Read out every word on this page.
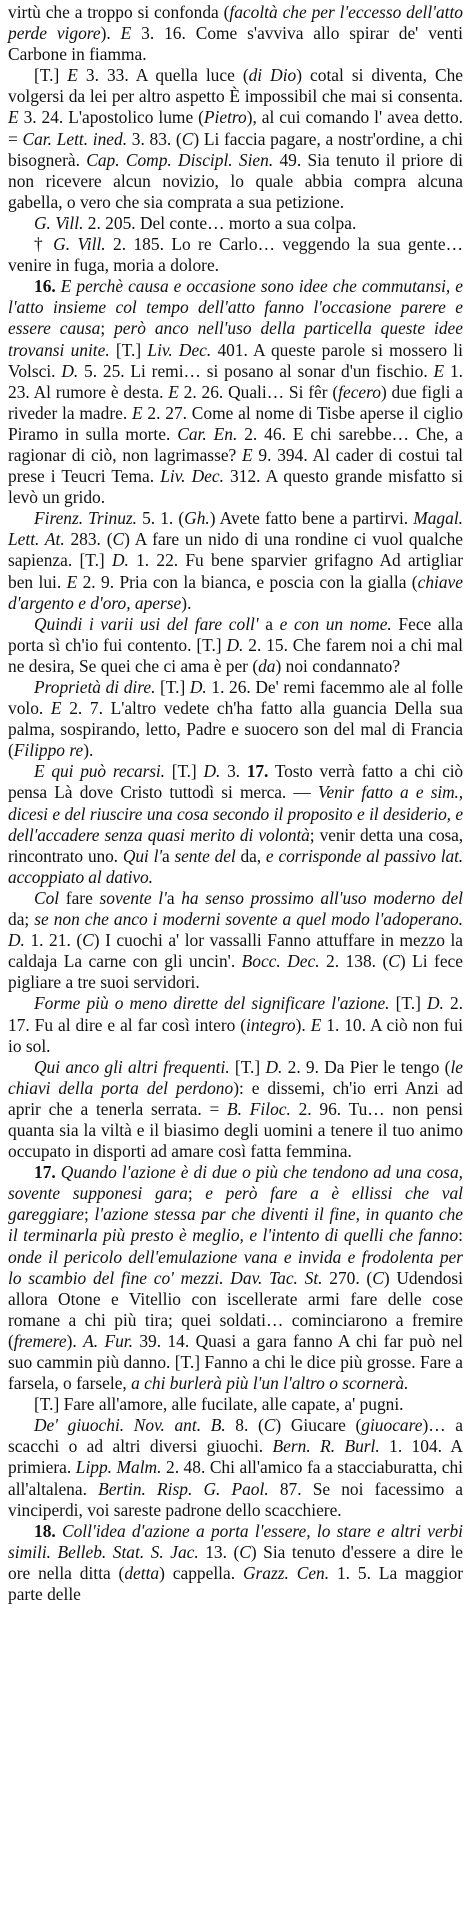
virtù che a troppo si confonda (facoltà che per l'eccesso dell'atto perde vigore). E 3. 16. Come s'avviva allo spirar de' venti Carbone in fiamma.

[T.] E 3. 33. A quella luce (di Dio) cotal si diventa, Che volgersi da lei per altro aspetto È impossibil che mai si consenta. E 3. 24. L'apostolico lume (Pietro), al cui comando l' avea detto. = Car. Lett. ined. 3. 83. (C) Li faccia pagare, a nostr'ordine, a chi bisognerà. Cap. Comp. Discipl. Sien. 49. Sia tenuto il priore di non ricevere alcun novizio, lo quale abbia compra alcuna gabella, o vero che sia comprata a sua petizione.

G. Vill. 2. 205. Del conte… morto a sua colpa.

† G. Vill. 2. 185. Lo re Carlo… veggendo la sua gente… venire in fuga, moria a dolore.

16. E perchè causa e occasione sono idee che commutansi, e l'atto insieme col tempo dell'atto fanno l'occasione parere e essere causa; però anco nell'uso della particella queste idee trovansi unite. [T.] Liv. Dec. 401. A queste parole si mossero li Volsci. D. 5. 25. Li remi… si posano al sonar d'un fischio. E 1. 23. Al rumore è desta. E 2. 26. Quali… Si fêr (fecero) due figli a riveder la madre. E 2. 27. Come al nome di Tisbe aperse il ciglio Piramo in sulla morte. Car. En. 2. 46. E chi sarebbe… Che, a ragionar di ciò, non lagrimasse? E 9. 394. Al cader di costui tal prese i Teucri Tema. Liv. Dec. 312. A questo grande misfatto si levò un grido.

Firenz. Trinuz. 5. 1. (Gh.) Avete fatto bene a partirvi. Magal. Lett. At. 283. (C) A fare un nido di una rondine ci vuol qualche sapienza. [T.] D. 1. 22. Fu bene sparvier grifagno Ad artigliar ben lui. E 2. 9. Pria con la bianca, e poscia con la gialla (chiave d'argento e d'oro, aperse).

Quindi i varii usi del fare coll' a e con un nome. Fece alla porta sì ch'io fui contento. [T.] D. 2. 15. Che farem noi a chi mal ne desira, Se quei che ci ama è per (da) noi condannato?

Proprietà di dire. [T.] D. 1. 26. De' remi facemmo ale al folle volo. E 2. 7. L'altro vedete ch'ha fatto alla guancia Della sua palma, sospirando, letto, Padre e suocero son del mal di Francia (Filippo re).

E qui può recarsi. [T.] D. 3. 17. Tosto verrà fatto a chi ciò pensa Là dove Cristo tuttodì si merca. — Venir fatto a e sim., dicesi e del riuscire una cosa secondo il proposito e il desiderio, e dell'accadere senza quasi merito di volontà; venir detta una cosa, rincontrato uno. Qui l'a sente del da, e corrisponde al passivo lat. accoppiato al dativo.

Col fare sovente l'a ha senso prossimo all'uso moderno del da; se non che anco i moderni sovente a quel modo l'adoperano. D. 1. 21. (C) I cuochi a' lor vassalli Fanno attuffare in mezzo la caldaja La carne con gli uncin'. Bocc. Dec. 2. 138. (C) Li fece pigliare a tre suoi servidori.

Forme più o meno dirette del significare l'azione. [T.] D. 2. 17. Fu al dire e al far così intero (integro). E 1. 10. A ciò non fui io sol.

Qui anco gli altri frequenti. [T.] D. 2. 9. Da Pier le tengo (le chiavi della porta del perdono): e dissemi, ch'io erri Anzi ad aprir che a tenerla serrata. = B. Filoc. 2. 96. Tu… non pensi quanta sia la viltà e il biasimo degli uomini a tenere il tuo animo occupato in disporti ad amare così fatta femmina.

17. Quando l'azione è di due o più che tendono ad una cosa, sovente supponesi gara; e però fare a è ellissi che val gareggiare; l'azione stessa par che diventi il fine, in quanto che il terminarla più presto è meglio, e l'intento di quelli che fanno: onde il pericolo dell'emulazione vana e invida e frodolenta per lo scambio del fine co' mezzi. Dav. Tac. St. 270. (C) Udendosi allora Otone e Vitellio con iscellerate armi fare delle cose romane a chi più tira; quei soldati… cominciarono a fremire (fremere). A. Fur. 39. 14. Quasi a gara fanno A chi far può nel suo cammin più danno. [T.] Fanno a chi le dice più grosse. Fare a farsela, o farsele, a chi burlerà più l'un l'altro o scornerà.

[T.] Fare all'amore, alle fucilate, alle capate, a' pugni.

De' giuochi. Nov. ant. B. 8. (C) Giucare (giuocare)… a scacchi o ad altri diversi giuochi. Bern. R. Burl. 1. 104. A primiera. Lipp. Malm. 2. 48. Chi all'amico fa a stacciaburatta, chi all'altalena. Bertin. Risp. G. Paol. 87. Se noi facessimo a vinciperdi, voi sareste padrone dello scacchiere.

18. Coll'idea d'azione a porta l'essere, lo stare e altri verbi simili. Belleb. Stat. S. Jac. 13. (C) Sia tenuto d'essere a dire le ore nella ditta (detta) cappella. Grazz. Cen. 1. 5. La maggior parte delle
